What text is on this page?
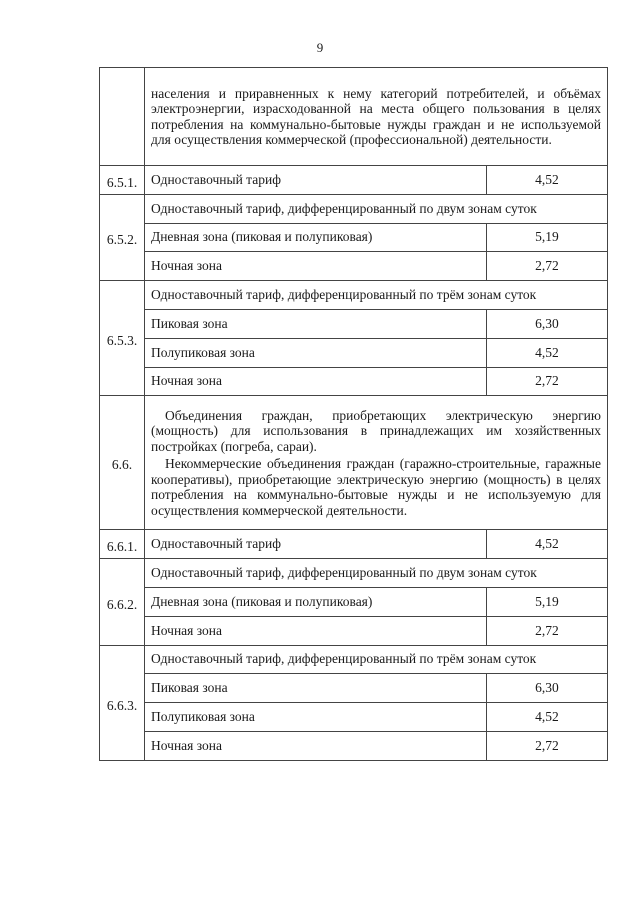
9

	населения и приравненных к нему категорий потребителей, и объёмах электроэнергии, израсходованной на места общего пользования в целях потребления на коммунально-бытовые нужды граждан и не используемой для осуществления коммерческой (профессиональной) деятельности.	

6.5.1.	Одноставочный тариф	4,52
6.5.2.	Одноставочный тариф, дифференцированный по двум зонам суток	
	Дневная зона (пиковая и полупиковая)	5,19
	Ночная зона	2,72
6.5.3.	Одноставочный тариф, дифференцированный по трём зонам суток	
	Пиковая зона	6,30
	Полупиковая зона	4,52
	Ночная зона	2,72
6.6.	Объединения граждан, приобретающих электрическую энергию (мощность) для использования в принадлежащих им хозяйственных постройках (погреба, сараи).

Некоммерческие объединения граждан (гаражно-строительные, гаражные кооперативы), приобретающие электрическую энергию (мощность) в целях потребления на коммунально-бытовые нужды и не используемую для осуществления коммерческой деятельности.	

6.6.1.	Одноставочный тариф	4,52
6.6.2.	Одноставочный тариф, дифференцированный по двум зонам суток	
	Дневная зона (пиковая и полупиковая)	5,19
	Ночная зона	2,72
6.6.3.	Одноставочный тариф, дифференцированный по трём зонам суток	
	Пиковая зона	6,30
	Полупиковая зона	4,52
	Ночная зона	2,72
